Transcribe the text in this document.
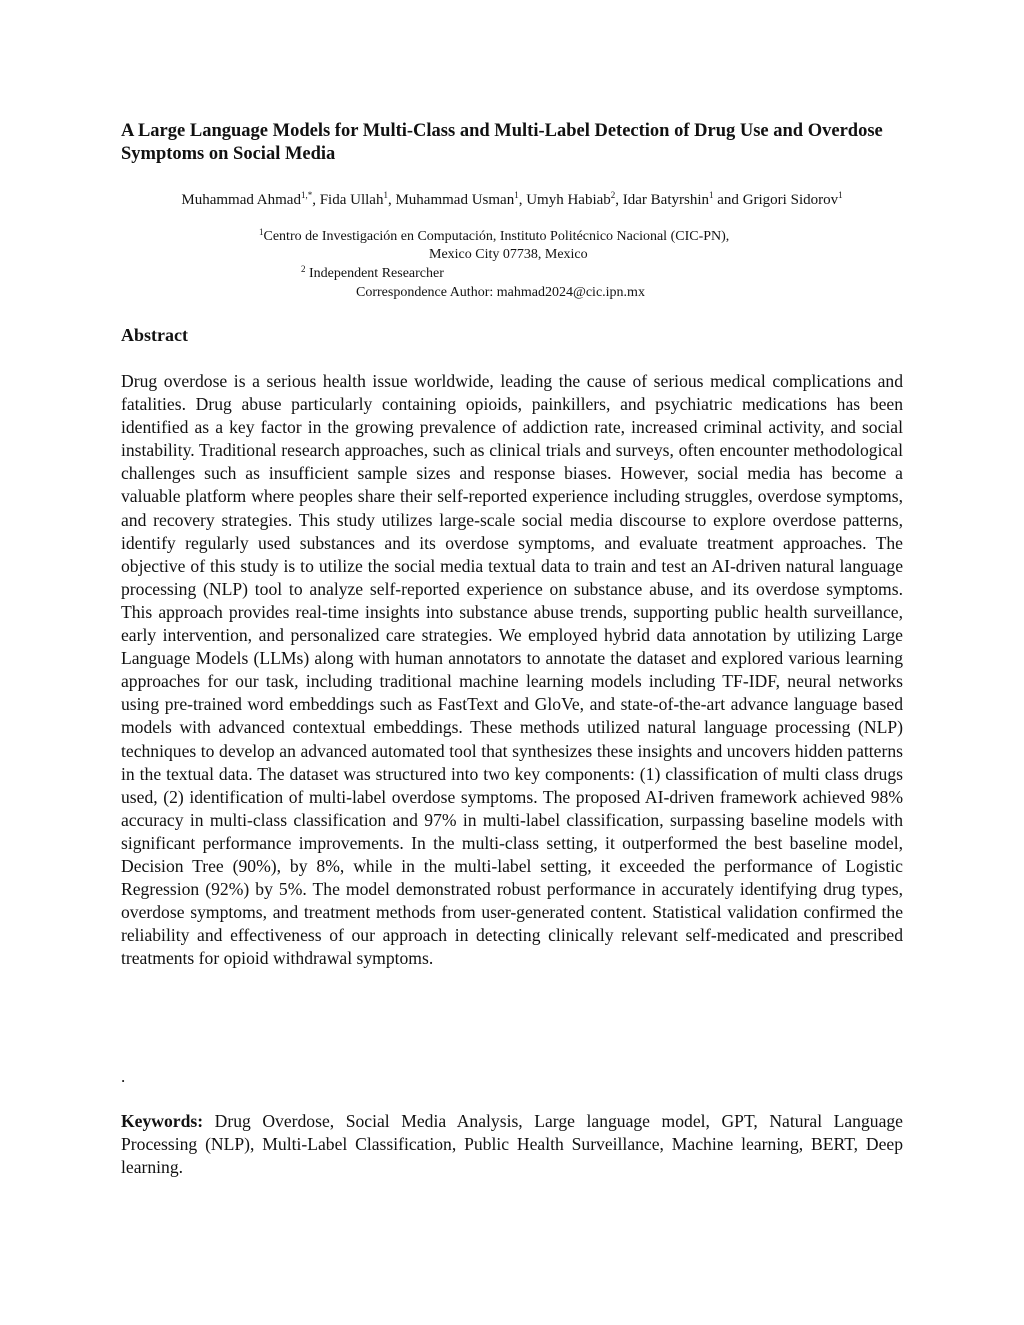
A Large Language Models for Multi-Class and Multi-Label Detection of Drug Use and Overdose Symptoms on Social Media
Muhammad Ahmad$^{1,*}$, Fida Ullah$^1$, Muhammad Usman$^1$, Umyh Habiab$^2$, Idar Batyrshin$^1$ and Grigori Sidorov$^1$
$^1$Centro de Investigación en Computación, Instituto Politécnico Nacional (CIC-PN),
Mexico City 07738, Mexico
$^2$ Independent Researcher
Correspondence Author: mahmad2024@cic.ipn.mx
Abstract

Drug overdose is a serious health issue worldwide, leading the cause of serious medical complications and fatalities. Drug abuse particularly containing opioids, painkillers, and psychiatric medications has been identified as a key factor in the growing prevalence of addiction rate, increased criminal activity, and social instability. Traditional research approaches, such as clinical trials and surveys, often encounter methodological challenges such as insufficient sample sizes and response biases. However, social media has become a valuable platform where peoples share their self-reported experience including struggles, overdose symptoms, and recovery strategies. This study utilizes large-scale social media discourse to explore overdose patterns, identify regularly used substances and its overdose symptoms, and evaluate treatment approaches. The objective of this study is to utilize the social media textual data to train and test an AI-driven natural language processing (NLP) tool to analyze self-reported experience on substance abuse, and its overdose symptoms. This approach provides real-time insights into substance abuse trends, supporting public health surveillance, early intervention, and personalized care strategies. We employed hybrid data annotation by utilizing Large Language Models (LLMs) along with human annotators to annotate the dataset and explored various learning approaches for our task, including traditional machine learning models including TF-IDF, neural networks using pre-trained word embeddings such as FastText and GloVe, and state-of-the-art advance language based models with advanced contextual embeddings. These methods utilized natural language processing (NLP) techniques to develop an advanced automated tool that synthesizes these insights and uncovers hidden patterns in the textual data. The dataset was structured into two key components: (1) classification of multi class drugs used, (2) identification of multi-label overdose symptoms. The proposed AI-driven framework achieved 98% accuracy in multi-class classification and 97% in multi-label classification, surpassing baseline models with significant performance improvements. In the multi-class setting, it outperformed the best baseline model, Decision Tree (90%), by 8%, while in the multi-label setting, it exceeded the performance of Logistic Regression (92%) by 5%. The model demonstrated robust performance in accurately identifying drug types, overdose symptoms, and treatment methods from user-generated content. Statistical validation confirmed the reliability and effectiveness of our approach in detecting clinically relevant self-medicated and prescribed treatments for opioid withdrawal symptoms.

.

Keywords: Drug Overdose, Social Media Analysis, Large language model, GPT, Natural Language Processing (NLP), Multi-Label Classification, Public Health Surveillance, Machine learning, BERT, Deep learning.
